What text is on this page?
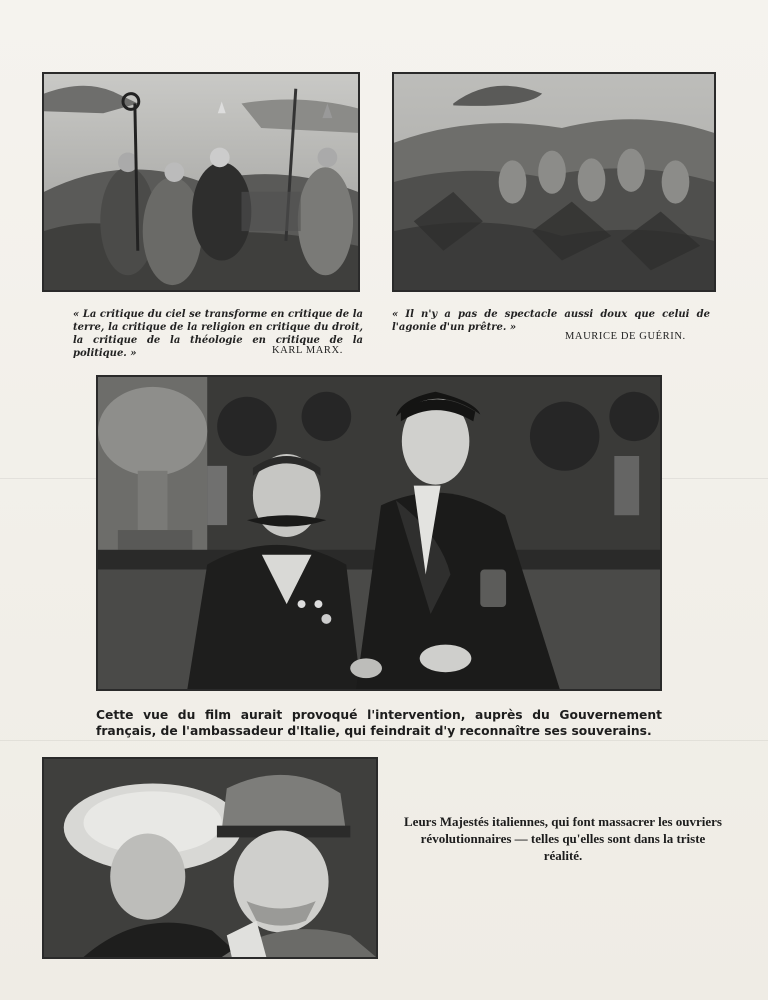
« La critique du ciel se transforme en critique de la terre, la critique de la religion en critique du droit, la critique de la théologie en critique de la politique. »	KARL MARX.

« Il n'y a pas de spectacle aussi doux que celui de l'agonie d'un prêtre. »

MAURICE DE GUÉRIN.

Cette vue du film aurait provoqué l'intervention, auprès du Gouvernement français, de l'ambassadeur d'Italie, qui feindrait d'y reconnaître ses souverains.

Leurs Majestés italiennes, qui font massacrer les ouvriers révolutionnaires — telles qu'elles sont dans la triste réalité.
